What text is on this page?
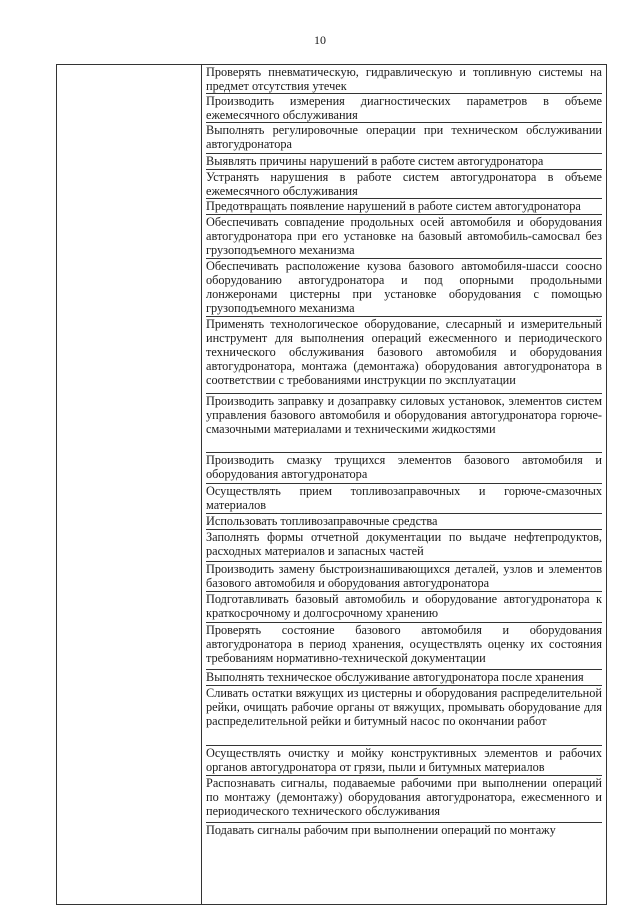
10

Проверять пневматическую, гидравлическую и топливную системы на предмет отсутствия утечек
Производить измерения диагностических параметров в объеме ежемесячного обслуживания
Выполнять регулировочные операции при техническом обслуживании автогудронатора
Выявлять причины нарушений в работе систем автогудронатора
Устранять нарушения в работе систем автогудронатора в объеме ежемесячного обслуживания
Предотвращать появление нарушений в работе систем автогудронатора
Обеспечивать совпадение продольных осей автомобиля и оборудования автогудронатора при его установке на базовый автомобиль-самосвал без грузоподъемного механизма
Обеспечивать расположение кузова базового автомобиля-шасси соосно оборудованию автогудронатора и под опорными продольными лонжеронами цистерны при установке оборудования с помощью грузоподъемного механизма
Применять технологическое оборудование, слесарный и измерительный инструмент для выполнения операций ежесменного и периодического технического обслуживания базового автомобиля и оборудования автогудронатора, монтажа (демонтажа) оборудования автогудронатора в соответствии с требованиями инструкции по эксплуатации
Производить заправку и дозаправку силовых установок, элементов систем управления базового автомобиля и оборудования автогудронатора горюче-смазочными материалами и техническими жидкостями
Производить смазку трущихся элементов базового автомобиля и оборудования автогудронатора
Осуществлять прием топливозаправочных и горюче-смазочных материалов
Использовать топливозаправочные средства
Заполнять формы отчетной документации по выдаче нефтепродуктов, расходных материалов и запасных частей
Производить замену быстроизнашивающихся деталей, узлов и элементов базового автомобиля и оборудования автогудронатора
Подготавливать базовый автомобиль и оборудование автогудронатора к краткосрочному и долгосрочному хранению
Проверять состояние базового автомобиля и оборудования автогудронатора в период хранения, осуществлять оценку их состояния требованиям нормативно-технической документации
Выполнять техническое обслуживание автогудронатора после хранения
Сливать остатки вяжущих из цистерны и оборудования распределительной рейки, очищать рабочие органы от вяжущих, промывать оборудование для распределительной рейки и битумный насос по окончании работ
Осуществлять очистку и мойку конструктивных элементов и рабочих органов автогудронатора от грязи, пыли и битумных материалов
Распознавать сигналы, подаваемые рабочими при выполнении операций по монтажу (демонтажу) оборудования автогудронатора, ежесменного и периодического технического обслуживания
Подавать сигналы рабочим при выполнении операций по монтажу
